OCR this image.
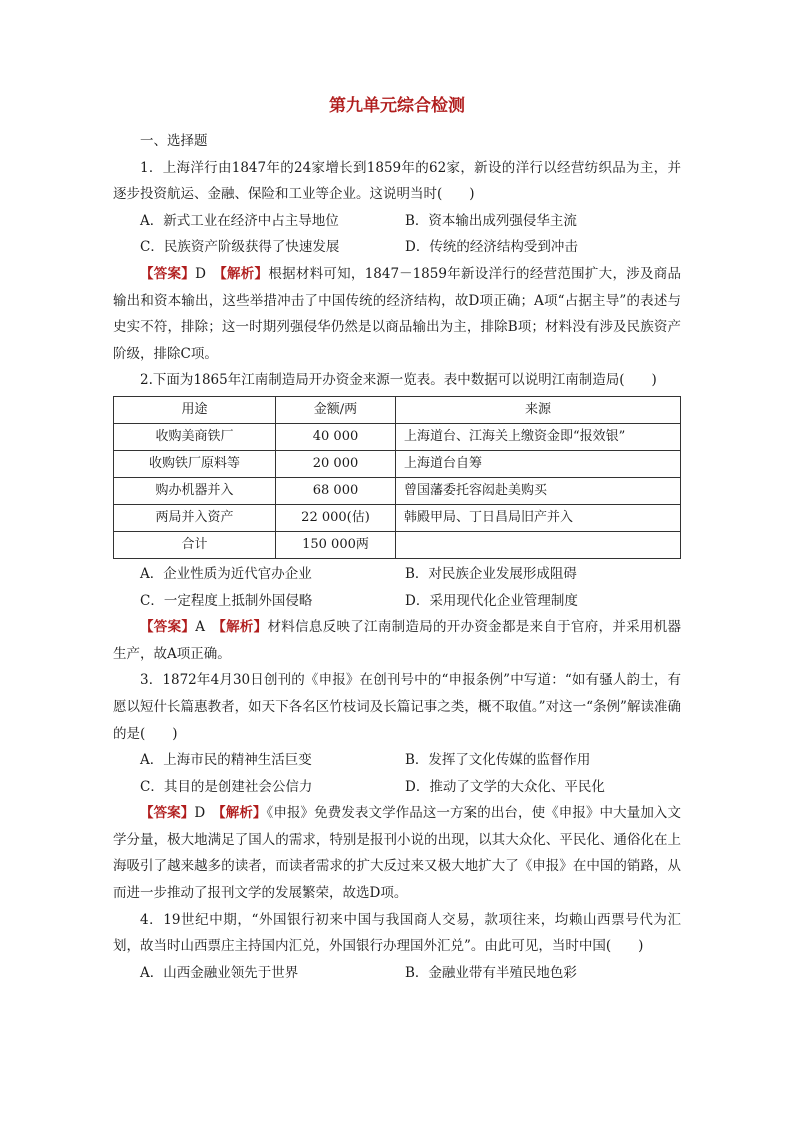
第九单元综合检测
一、选择题
1．上海洋行由1847年的24家增长到1859年的62家，新设的洋行以经营纺织品为主，并逐步投资航运、金融、保险和工业等企业。这说明当时(　　)
A．新式工业在经济中占主导地位	B．资本输出成列强侵华主流
C．民族资产阶级获得了快速发展	D．传统的经济结构受到冲击
【答案】D　 【解析】根据材料可知，1847－1859年新设洋行的经营范围扩大，涉及商品输出和资本输出，这些举措冲击了中国传统的经济结构，故D项正确；A项“占据主导”的表述与史实不符，排除；这一时期列强侵华仍然是以商品输出为主，排除B项；材料没有涉及民族资产阶级，排除C项。
2.下面为1865年江南制造局开办资金来源一览表。表中数据可以说明江南制造局(　　)
用途	金额/两	来源
收购美商铁厂	40 000	上海道台、江海关上缴资金即“报效银”
收购铁厂原料等	20 000	上海道台自筹
购办机器并入	68 000	曾国藩委托容闳赴美购买
两局并入资产	22 000(估)	韩殿甲局、丁日昌局旧产并入
合计	150 000两	
A．企业性质为近代官办企业	B．对民族企业发展形成阻碍
C．一定程度上抵制外国侵略	D．采用现代化企业管理制度
【答案】A　 【解析】材料信息反映了江南制造局的开办资金都是来自于官府，并采用机器生产，故A项正确。
3．1872年4月30日创刊的《申报》在创刊号中的“申报条例”中写道：“如有骚人韵士，有愿以短什长篇惠教者，如天下各名区竹枝词及长篇记事之类，概不取值。”对这一“条例”解读准确的是(　　)
A．上海市民的精神生活巨变	B．发挥了文化传媒的监督作用
C．其目的是创建社会公信力	D．推动了文学的大众化、平民化
【答案】D　 【解析】《申报》免费发表文学作品这一方案的出台，使《申报》中大量加入文学分量，极大地满足了国人的需求，特别是报刊小说的出现，以其大众化、平民化、通俗化在上海吸引了越来越多的读者，而读者需求的扩大反过来又极大地扩大了《申报》在中国的销路，从而进一步推动了报刊文学的发展繁荣，故选D项。
4．19世纪中期，“外国银行初来中国与我国商人交易，款项往来，均赖山西票号代为汇划，故当时山西票庄主持国内汇兑，外国银行办理国外汇兑”。由此可见，当时中国(　　)
A．山西金融业领先于世界	B．金融业带有半殖民地色彩
